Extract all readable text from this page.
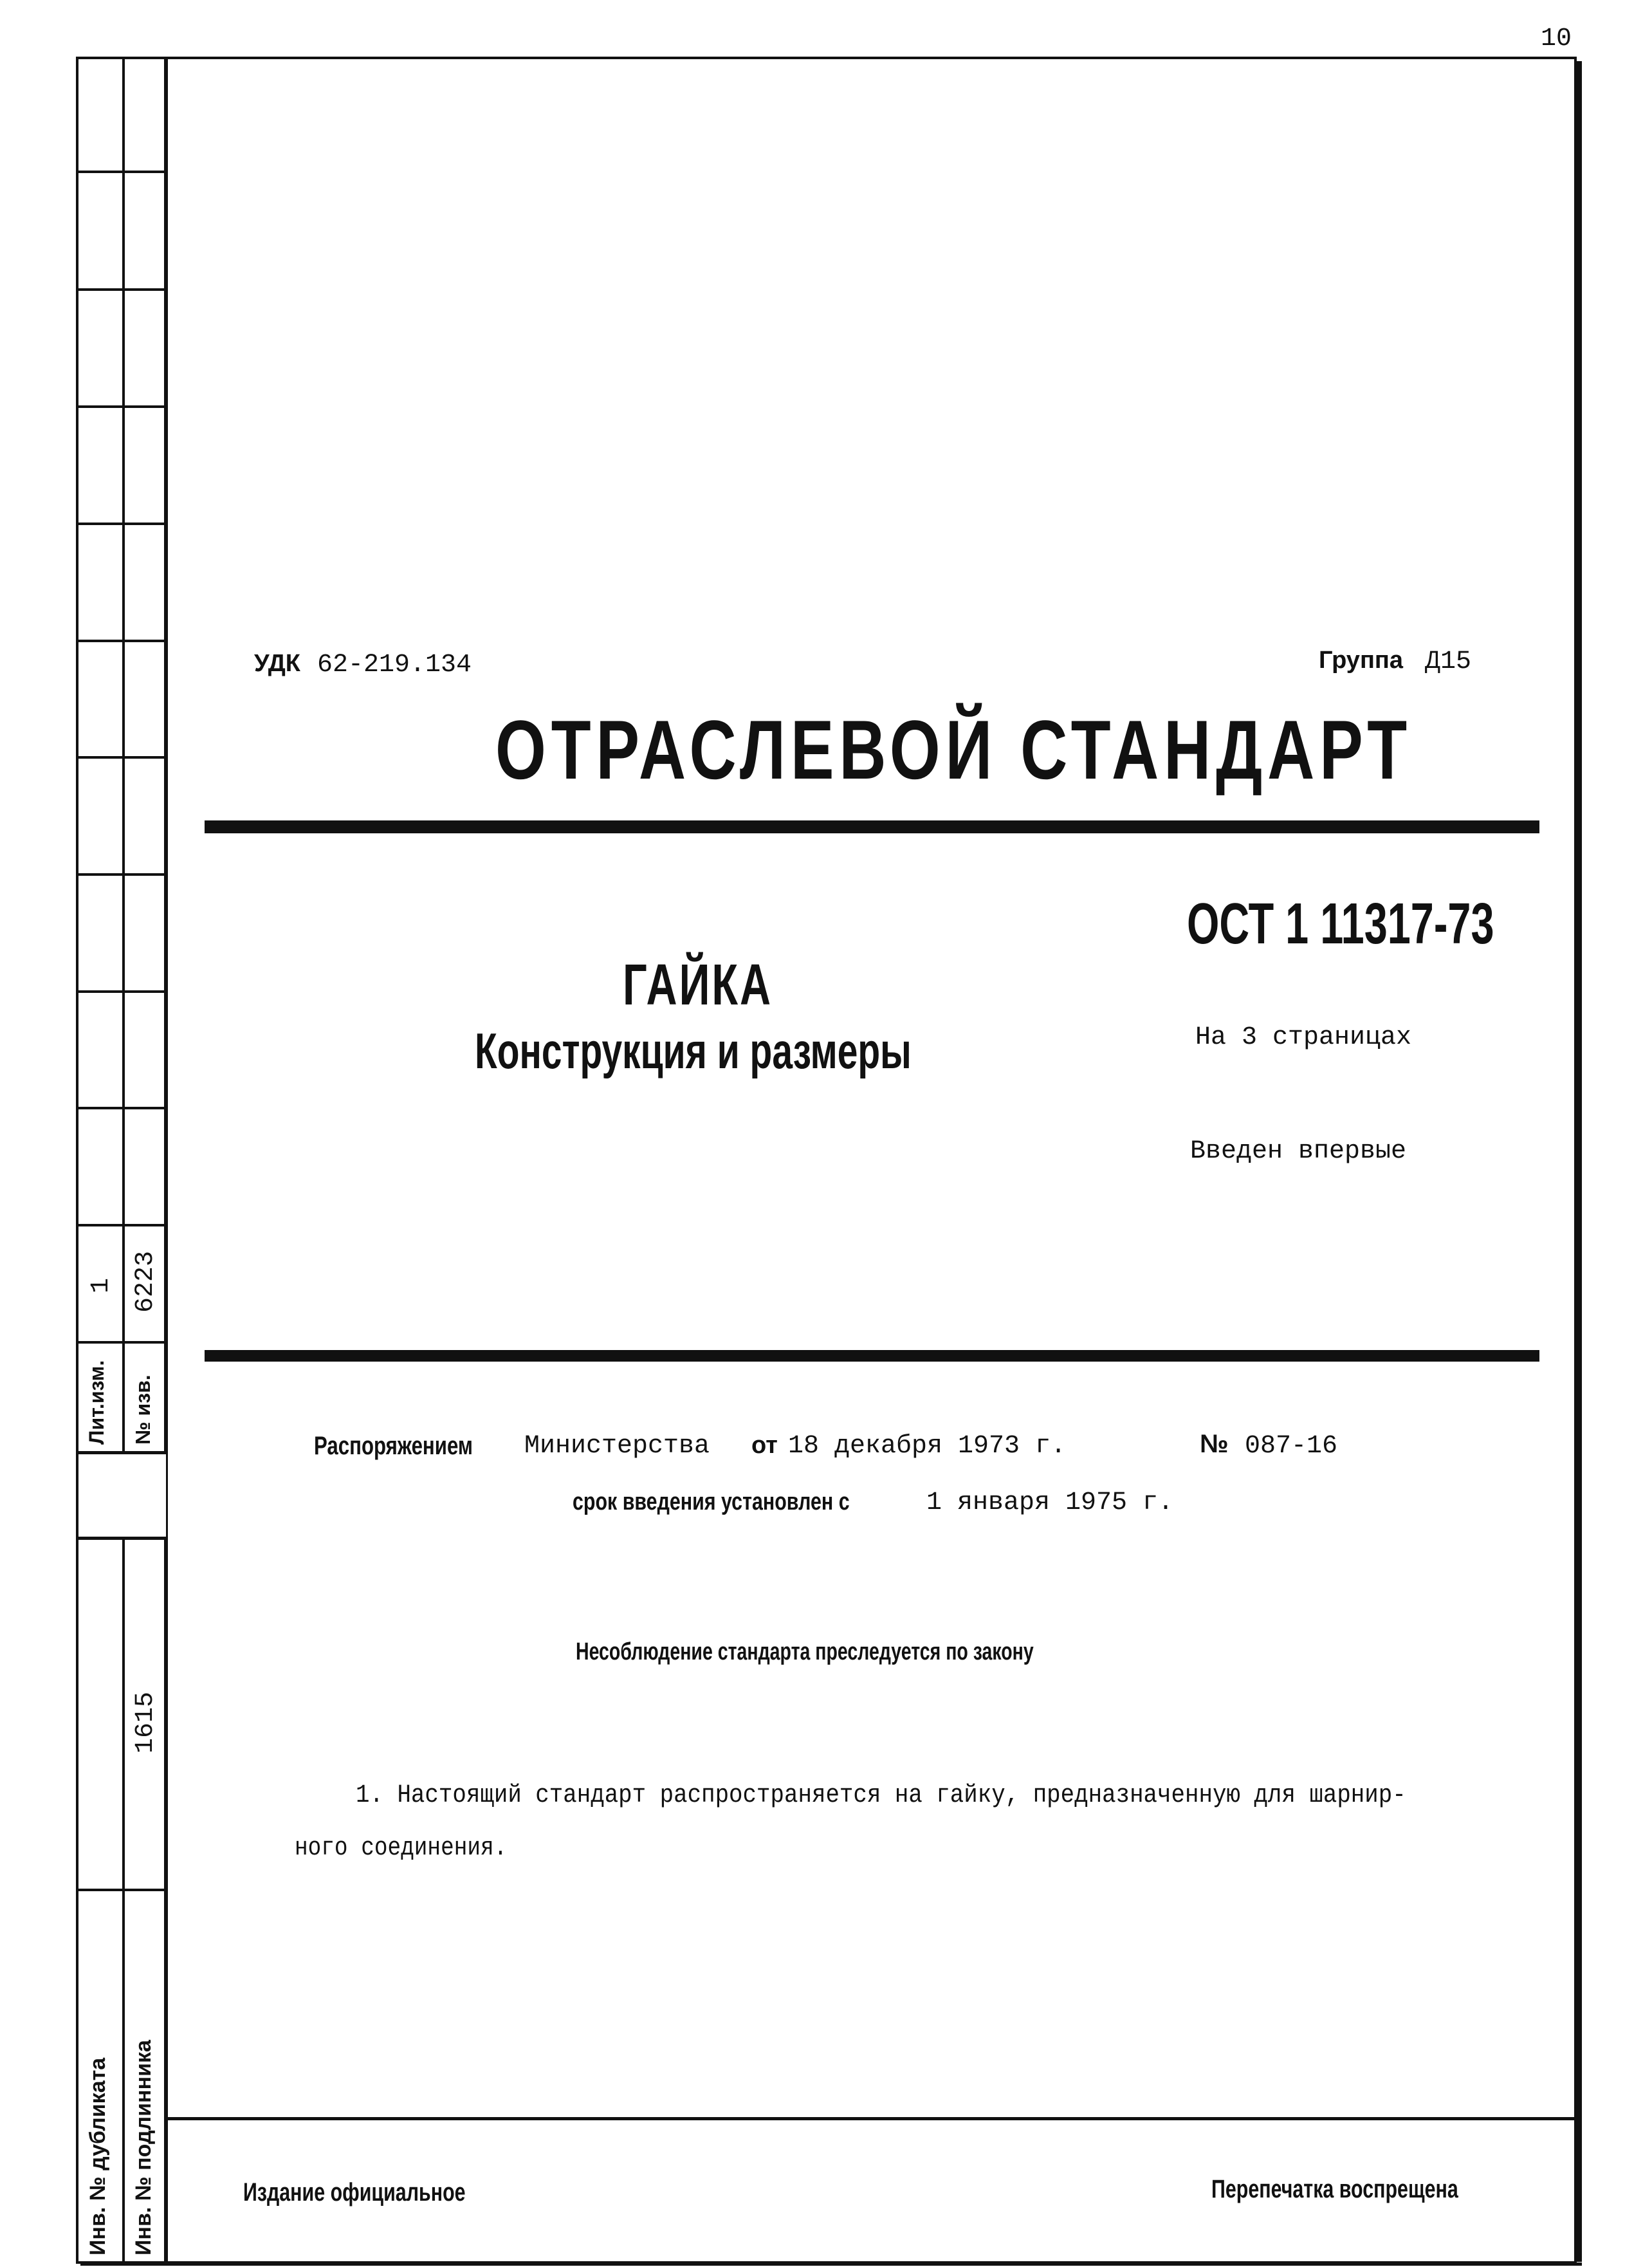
10
Лит.изм.
1
№ изв.
6223
1615
Инв. № дубликата Инв. № подлинника
УДК 62-219.134	Группа Д15
ОТРАСЛЕВОЙ СТАНДАРТ
ОСТ 1 11317-73
ГАЙКА
Конструкция и размеры	На 3 страницах
Введен впервые
Распоряжением Министерства от 18 декабря 1973 г.	№ 087-16
срок введения установлен с	1 января 1975 г.
Несоблюдение стандарта преследуется по закону
1. Настоящий стандарт распространяется на гайку, предназначенную для шарнир-
ного соединения.
Издание официальное	Перепечатка воспрещена
